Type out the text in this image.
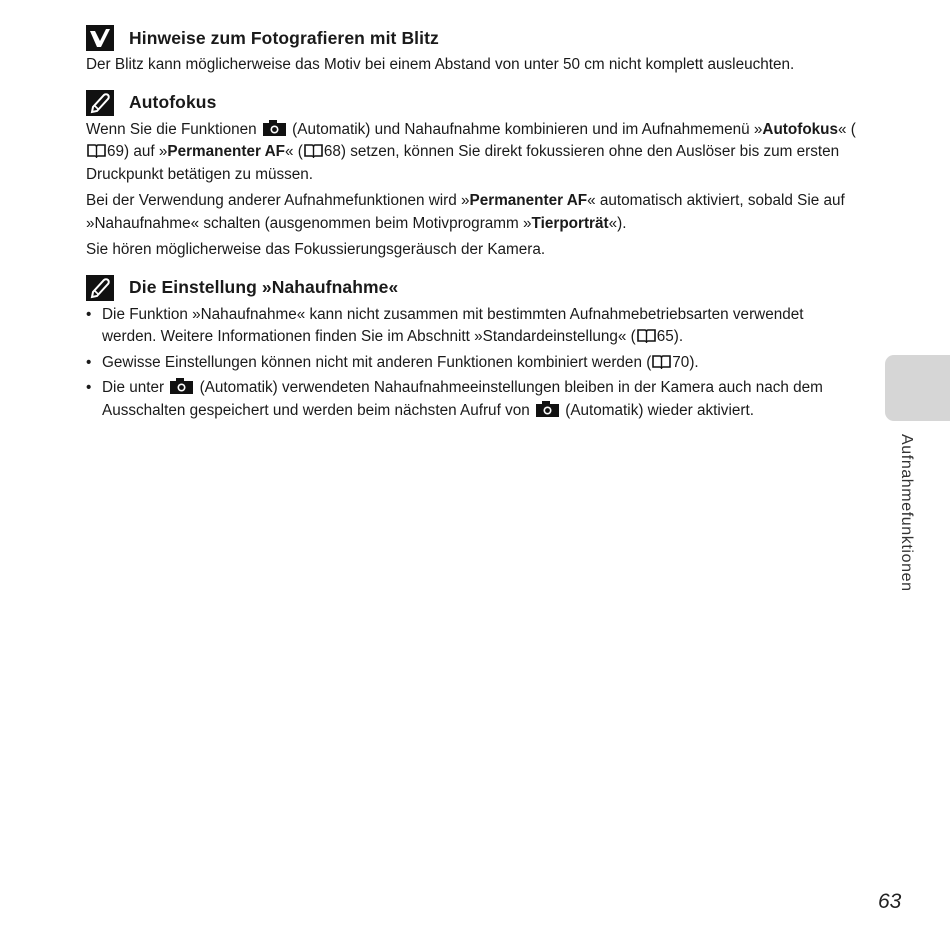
Hinweise zum Fotografieren mit Blitz

Der Blitz kann möglicherweise das Motiv bei einem Abstand von unter 50 cm nicht komplett ausleuchten.

Autofokus

Wenn Sie die Funktionen (Automatik) und Nahaufnahme kombinieren und im Aufnahmemenü »Autofokus« (69) auf »Permanenter AF« ( 68) setzen, können Sie direkt fokussieren ohne den Auslöser bis zum ersten Druckpunkt betätigen zu müssen.

Bei der Verwendung anderer Aufnahmefunktionen wird »Permanenter AF« automatisch aktiviert, sobald Sie auf »Nahaufnahme« schalten (ausgenommen beim Motivprogramm »Tierporträt«).

Sie hören möglicherweise das Fokussierungsgeräusch der Kamera.

Die Einstellung »Nahaufnahme«
• Die Funktion »Nahaufnahme« kann nicht zusammen mit bestimmten Aufnahmebetriebsarten verwendet werden. Weitere Informationen finden Sie im Abschnitt »Standardeinstellung« ( 65).
• Gewisse Einstellungen können nicht mit anderen Funktionen kombiniert werden ( 70).
• Die unter (Automatik) verwendeten Nahaufnahmeeinstellungen bleiben in der Kamera auch nach dem Ausschalten gespeichert und werden beim nächsten Aufruf von (Automatik) wieder aktiviert.
Aufnahmefunktionen
63
